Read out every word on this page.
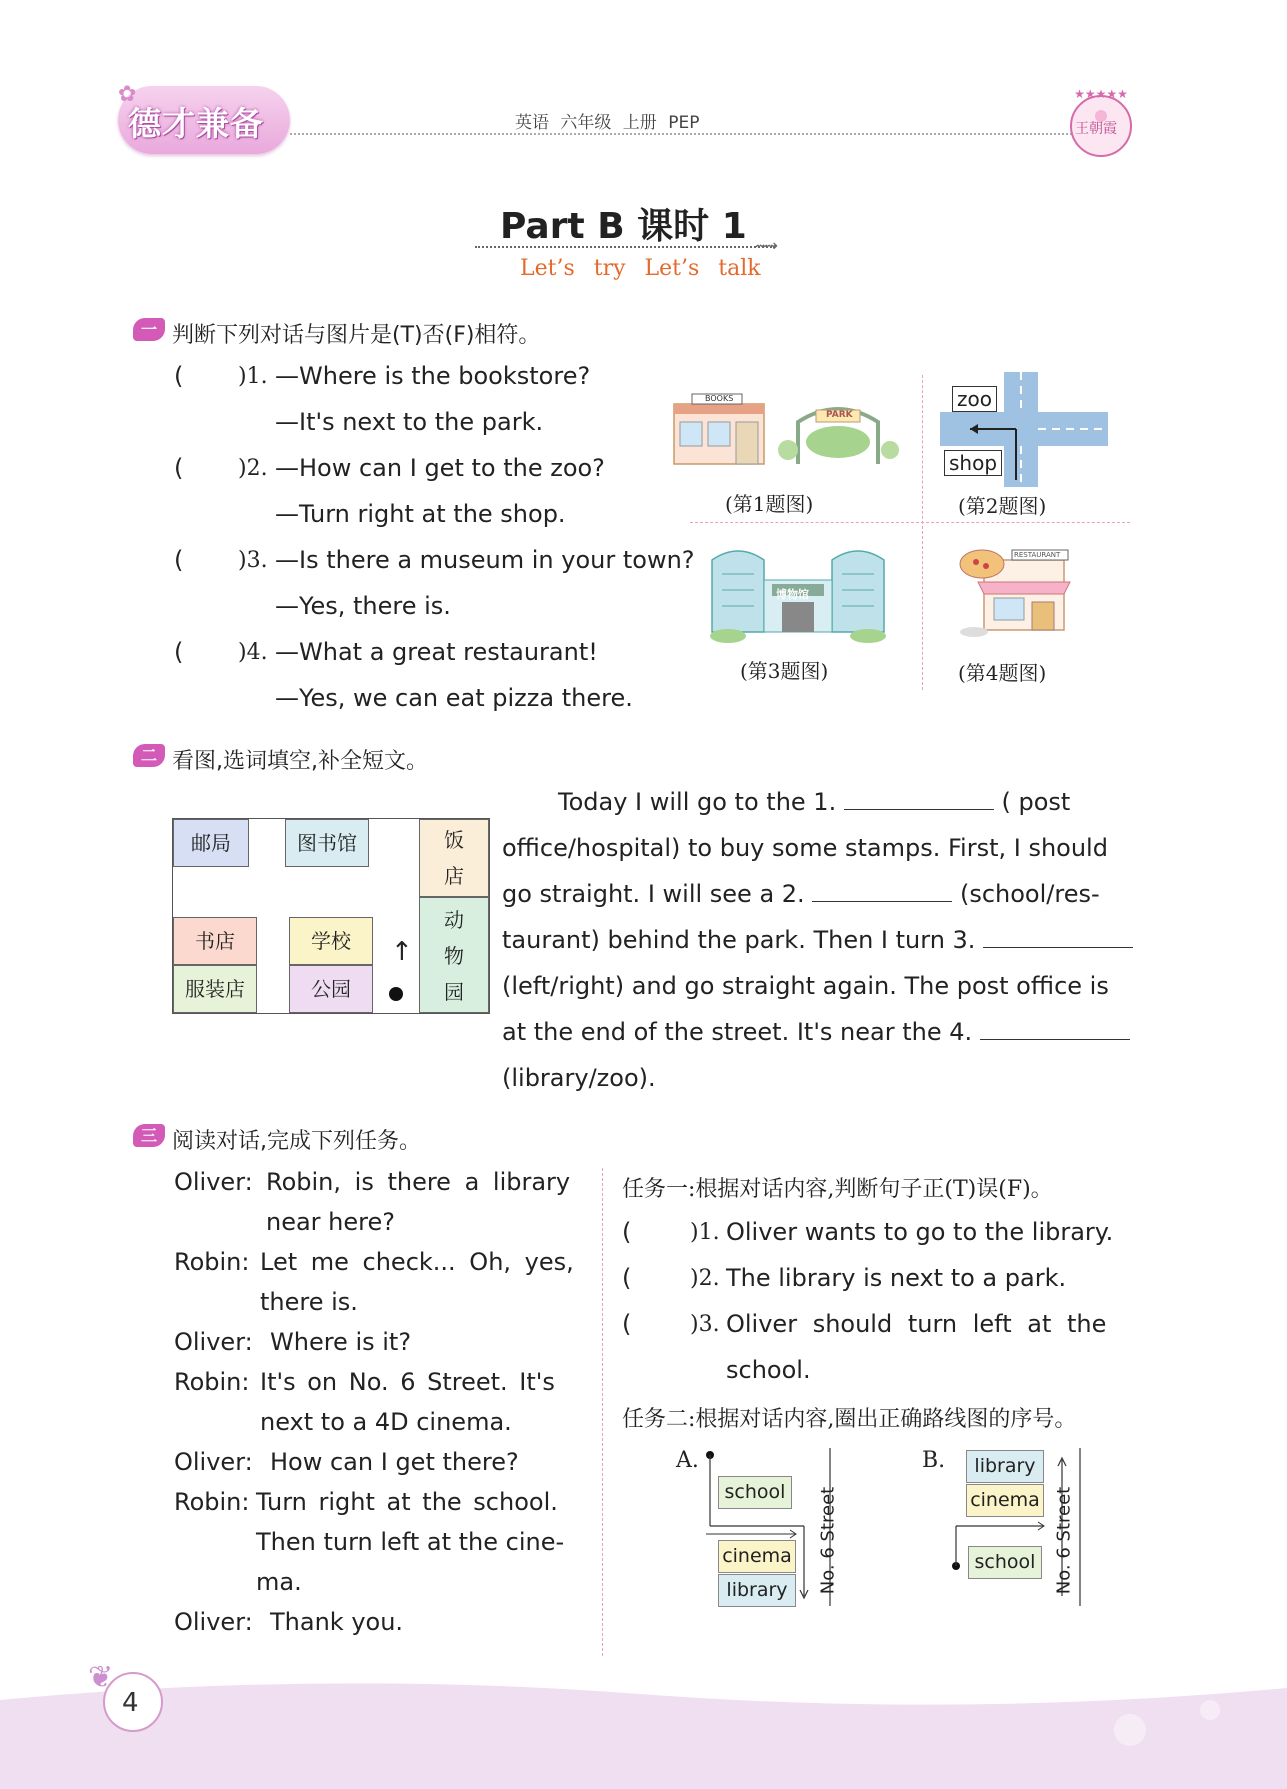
✿
德才兼备	英语 六年级 上册 PEP
★★★★★
王朝霞
Part B 课时 1 ⟿
Let’s try Let’s talk
一 判断下列对话与图片是(T)否(F)相符。
( )1. —Where is the bookstore?
—It's next to the park.
( )2. —How can I get to the zoo?
—Turn right at the shop.
( )3. —Is there a museum in your town?
—Yes, there is.
( )4. —What a great restaurant!
—Yes, we can eat pizza there.
BOOKS
PARK
(第1题图)
zoo
shop
(第2题图)
博物馆
(第3题图)
RESTAURANT
(第4题图)
二 看图,选词填空,补全短文。
邮局	图书馆	饭
店
动
物
园
书店
服装店
学校
公园
↑
Today I will go to the 1.	( post
office/hospital) to buy some stamps. First, I should
go straight. I will see a 2.	(school/res-
taurant) behind the park. Then I turn 3.
(left/right) and go straight again. The post office is
at the end of the street. It's near the 4.
(library/zoo).
三 阅读对话,完成下列任务。
Oliver: Robin, is there a library
near here?
Robin: Let me check... Oh, yes,
there is.
Oliver: Where is it?
Robin: It's on No. 6 Street. It's
next to a 4D cinema.
Oliver: How can I get there?
Robin: Turn right at the school.
Then turn left at the cine-
ma.
Oliver: Thank you.
任务一:根据对话内容,判断句子正(T)误(F)。
(	)1. Oliver wants to go to the library.
(	)2. The library is next to a park.
(	)3. Oliver should turn left at the
school.
任务二:根据对话内容,圈出正确路线图的序号。
A.
school
cinema
library	No. 6 Street
B.	library
cinema
school	No. 6 Street
❦
4
